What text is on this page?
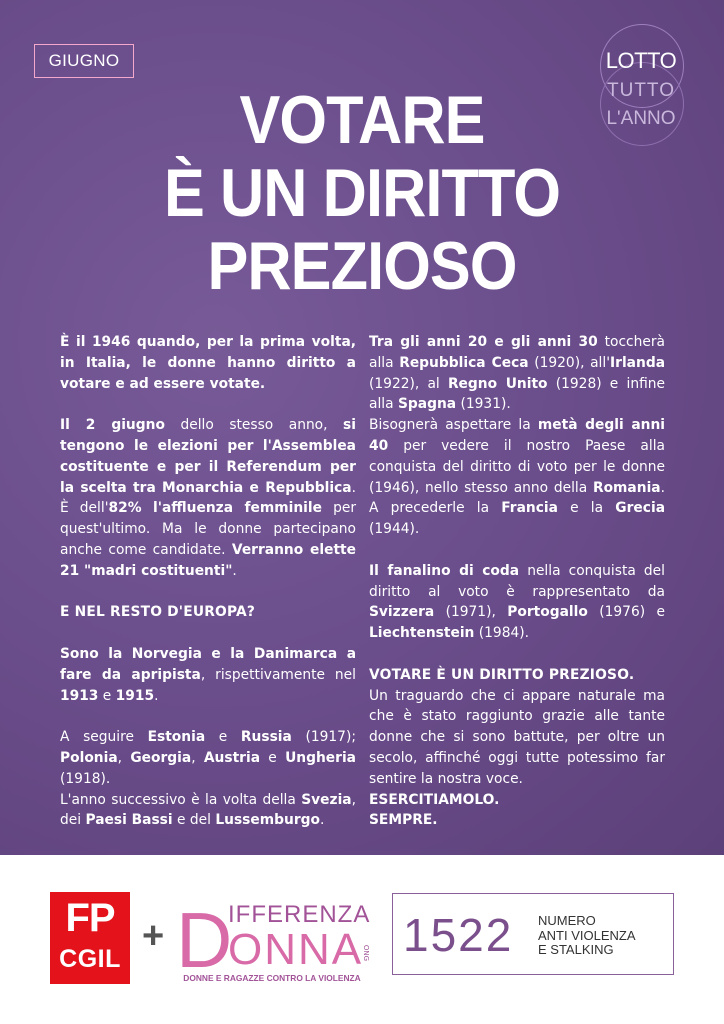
GIUGNO	LOTTO
TUTTO
L'ANNO
VOTARE
È UN DIRITTO
PREZIOSO

È il 1946 quando, per la prima volta, in Italia, le donne hanno diritto a votare e ad essere votate.

Il 2 giugno dello stesso anno, si tengono le elezioni per l'Assemblea costituente e per il Referendum per la scelta tra Monarchia e Repubblica. È dell'82% l'affluenza femminile per quest'ultimo. Ma le donne partecipano anche come candidate. Verranno elette 21 "madri costituenti".

E NEL RESTO D'EUROPA?

Sono la Norvegia e la Danimarca a fare da apripista, rispettivamente nel 1913 e 1915.

A seguire Estonia e Russia (1917); Polonia, Georgia, Austria e Ungheria (1918).
L'anno successivo è la volta della Svezia, dei Paesi Bassi e del Lussemburgo.

Tra gli anni 20 e gli anni 30 toccherà alla Repubblica Ceca (1920), all'Irlanda (1922), al Regno Unito (1928) e infine alla Spagna (1931).
Bisognerà aspettare la metà degli anni 40 per vedere il nostro Paese alla conquista del diritto di voto per le donne (1946), nello stesso anno della Romania. A precederle la Francia e la Grecia (1944).

Il fanalino di coda nella conquista del diritto al voto è rappresentato da Svizzera (1971), Portogallo (1976) e Liechtenstein (1984).

VOTARE È UN DIRITTO PREZIOSO.
Un traguardo che ci appare naturale ma che è stato raggiunto grazie alle tante donne che si sono battute, per oltre un secolo, affinché oggi tutte potessimo far sentire la nostra voce.
ESERCITIAMOLO.
SEMPRE.

FP
CGIL
+ D
IFFERENZA
ONNA
ONG
DONNE E RAGAZZE CONTRO LA VIOLENZA
1522 NUMERO
ANTI VIOLENZA
E STALKING
